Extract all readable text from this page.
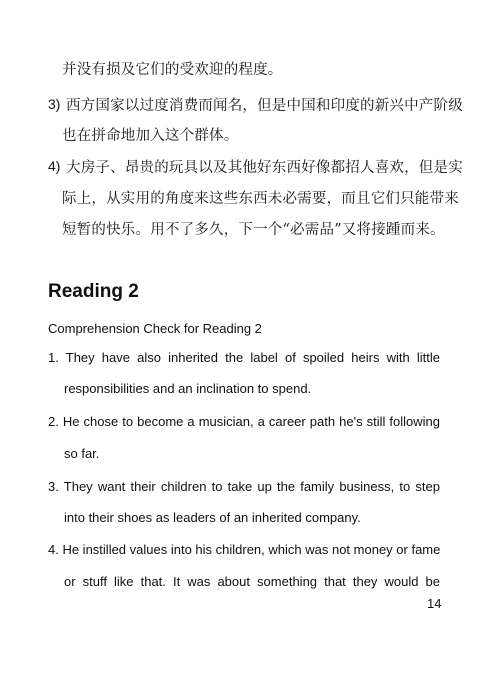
并没有损及它们的受欢迎的程度。
3) 西方国家以过度消费而闻名，但是中国和印度的新兴中产阶级
也在拼命地加入这个群体。
4) 大房子、昂贵的玩具以及其他好东西好像都招人喜欢，但是实
际上，从实用的角度来这些东西未必需要，而且它们只能带来
短暂的快乐。用不了多久，下一个“必需品”又将接踵而来。
Reading 2
Comprehension Check for Reading 2
1. They have also inherited the label of spoiled heirs with little
responsibilities and an inclination to spend.
2. He chose to become a musician, a career path he's still following
so far.
3. They want their children to take up the family business, to step
into their shoes as leaders of an inherited company.
4. He instilled values into his children, which was not money or fame
or stuff like that. It was about something that they would be
14
